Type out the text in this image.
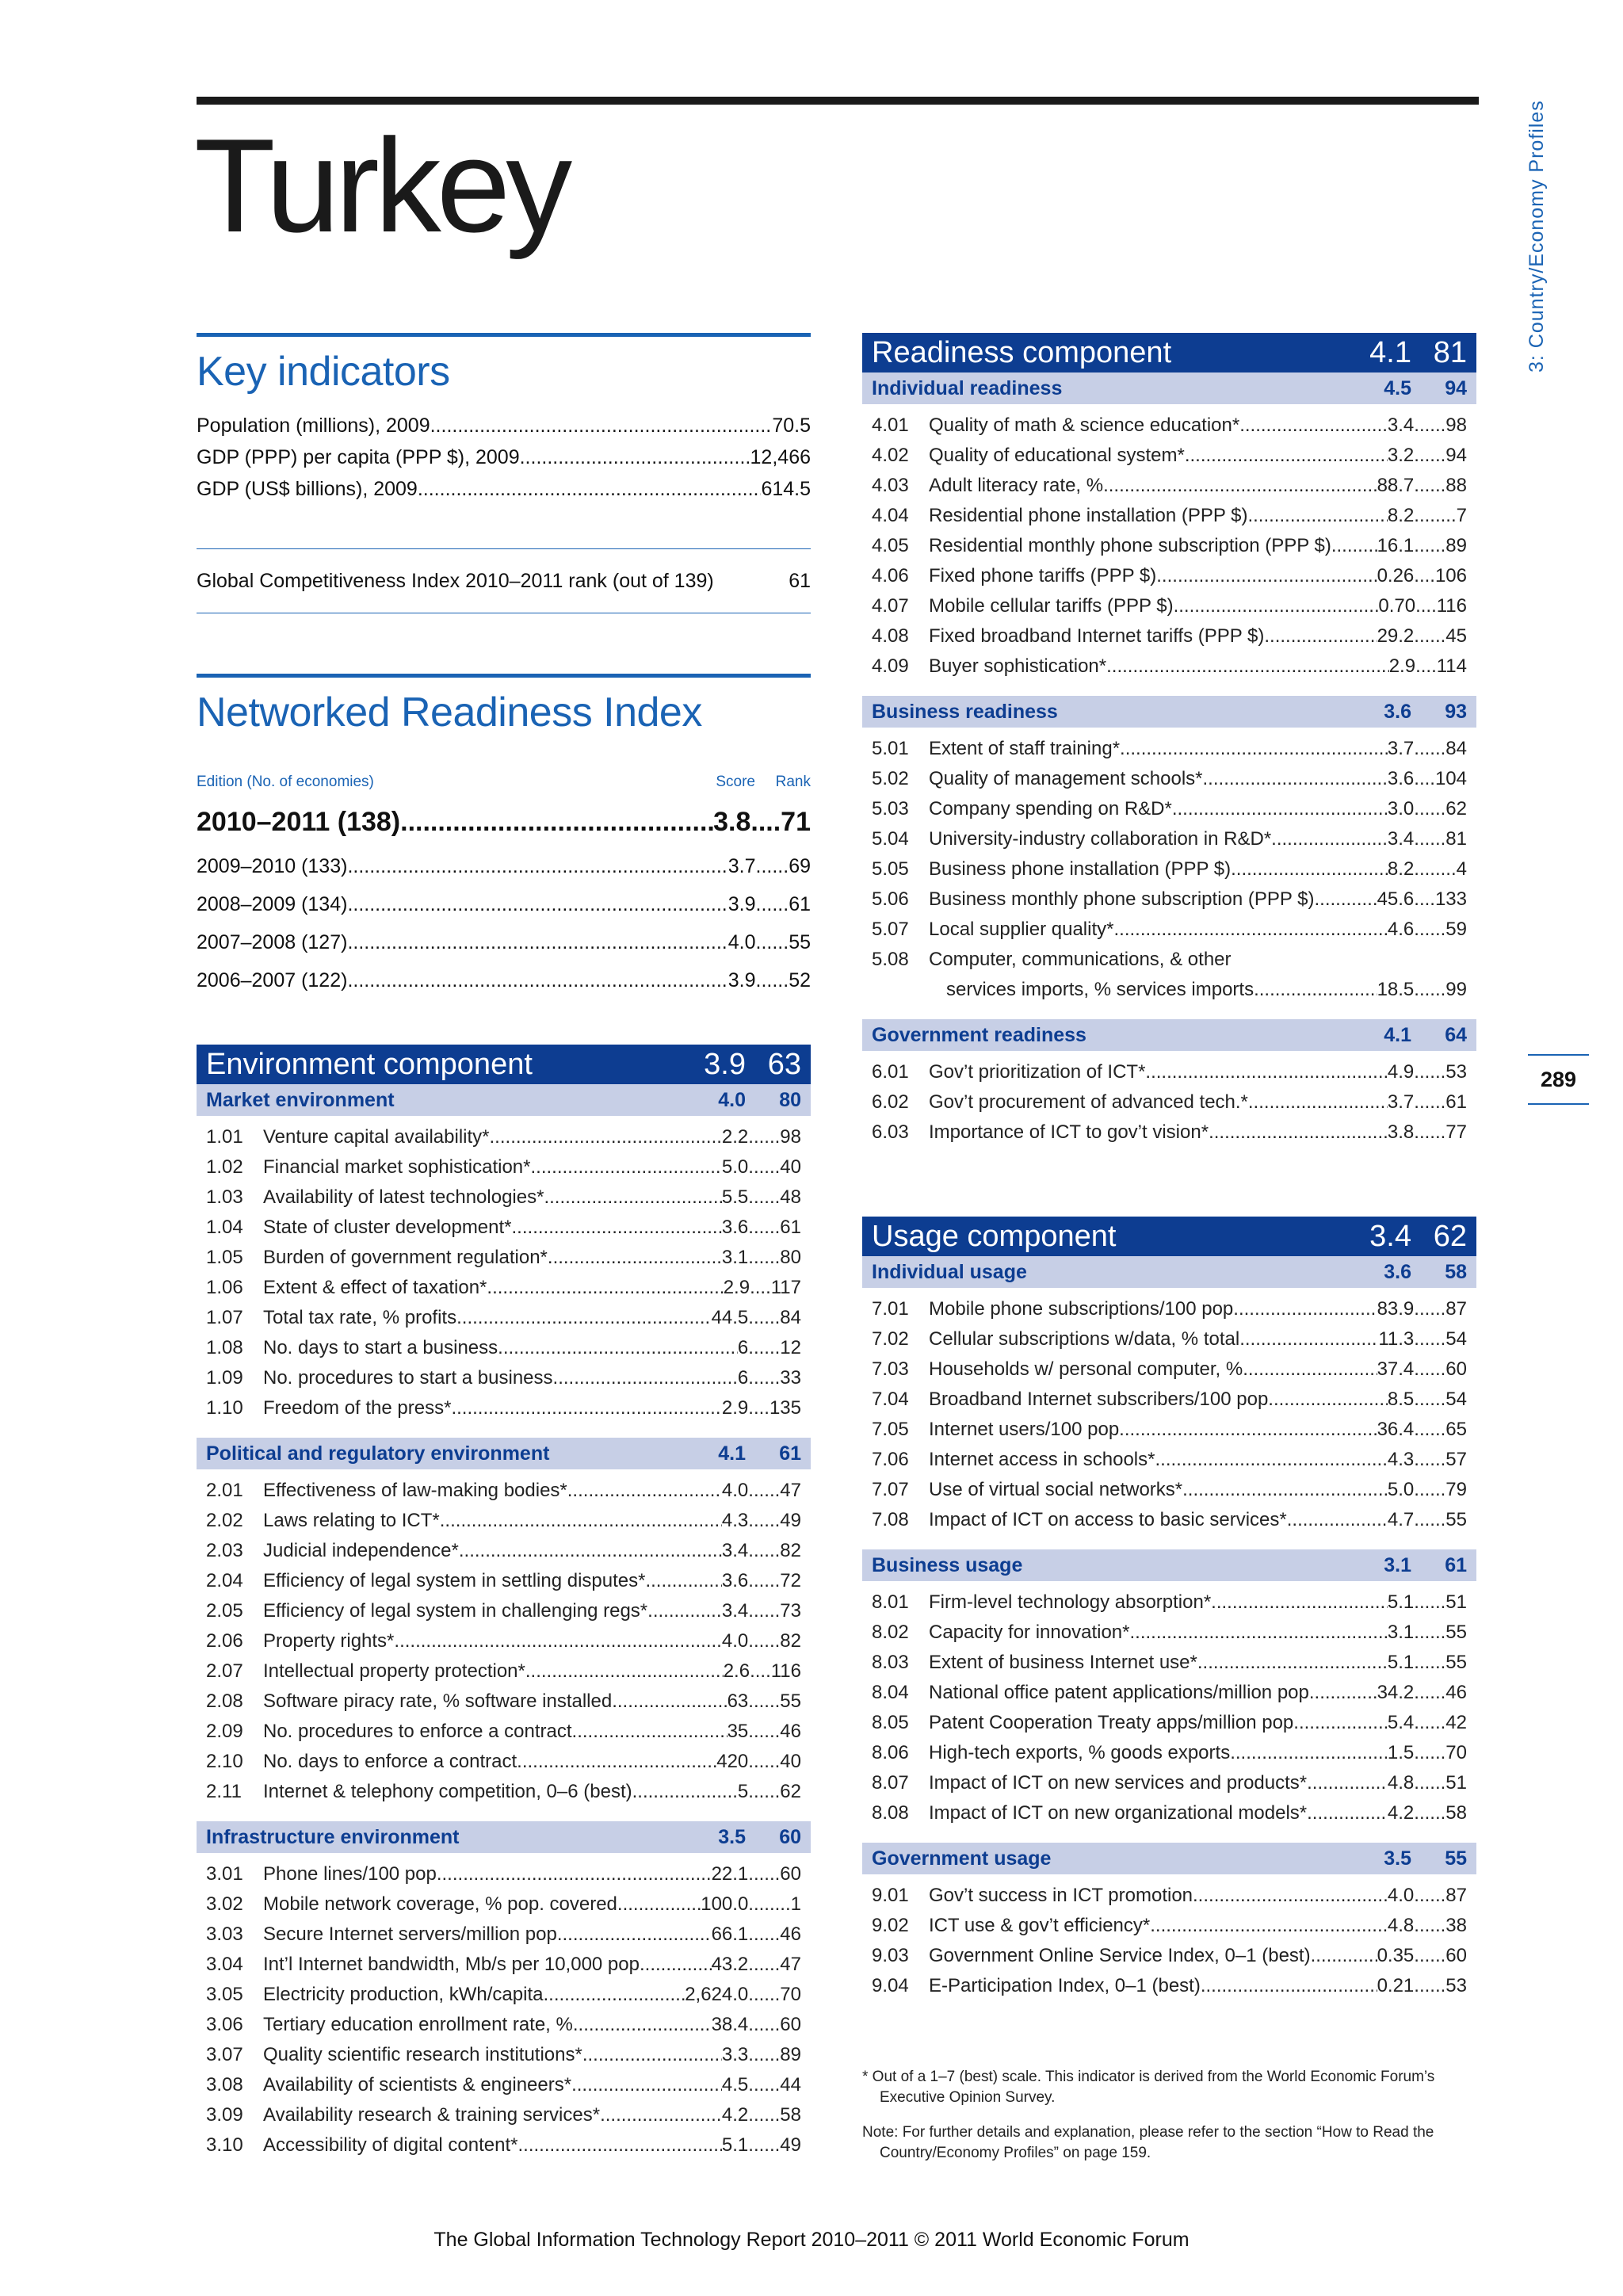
Turkey	3: Country/Economy Profiles
289
Key indicators
Population (millions), 2009 .....	70.5
GDP (PPP) per capita (PPP $), 2009 .....	12,466
GDP (US$ billions), 2009 .....	614.5
Global Competitiveness Index 2010–2011 rank (out of 139)	61
Networked Readiness Index
Edition (No. of economies)	Score	Rank
2010–2011 (138) .....	3.8 .... 71
2009–2010 (133) .....	3.7 ...... 69
2008–2009 (134) .....	3.9 ...... 61
2007–2008 (127) .....	4.0 ...... 55
2006–2007 (122) .....	3.9 ...... 52
Environment component	3.9 63
Market environment	4.0	80
1.01	Venture capital availability* .....	2.2 ...... 98
1.02	Financial market sophistication* .....	5.0 ...... 40
1.03	Availability of latest technologies* .....	5.5 ...... 48
1.04	State of cluster development* .....	3.6 ...... 61
1.05	Burden of government regulation* .....	3.1 ...... 80
1.06	Extent & effect of taxation* .....	2.9 .... 117
1.07	Total tax rate, % profits .....	44.5 ...... 84
1.08	No. days to start a business .....	6 ...... 12
1.09	No. procedures to start a business .....	6 ...... 33
1.10	Freedom of the press* .....	2.9 .... 135
Political and regulatory environment	4.1	61
2.01	Effectiveness of law-making bodies* .....	4.0 ...... 47
2.02	Laws relating to ICT* .....	4.3 ...... 49
2.03	Judicial independence* .....	3.4 ...... 82
2.04	Efficiency of legal system in settling disputes* .....	3.6 ...... 72
2.05	Efficiency of legal system in challenging regs* .....	3.4 ...... 73
2.06	Property rights* .....	4.0 ...... 82
2.07	Intellectual property protection* .....	2.6 .... 116
2.08	Software piracy rate, % software installed .....	63 ...... 55
2.09	No. procedures to enforce a contract .....	35 ...... 46
2.10	No. days to enforce a contract .....	420 ...... 40
2.11	Internet & telephony competition, 0–6 (best) .....	5 ...... 62
Infrastructure environment	3.5	60
3.01	Phone lines/100 pop. .....	22.1 ...... 60
3.02	Mobile network coverage, % pop. covered .....	100.0 ........ 1
3.03	Secure Internet servers/million pop. .....	66.1 ...... 46
3.04	Int’l Internet bandwidth, Mb/s per 10,000 pop .....	43.2 ...... 47
3.05	Electricity production, kWh/capita .....	2,624.0 ...... 70
3.06	Tertiary education enrollment rate, % .....	38.4 ...... 60
3.07	Quality scientific research institutions* .....	3.3 ...... 89
3.08	Availability of scientists & engineers* .....	4.5 ...... 44
3.09	Availability research & training services* .....	4.2 ...... 58
3.10	Accessibility of digital content* .....	5.1 ...... 49
Readiness component	4.1 81
Individual readiness	4.5	94
4.01	Quality of math & science education* .....	3.4 ...... 98
4.02	Quality of educational system* .....	3.2 ...... 94
4.03	Adult literacy rate, % .....	88.7 ...... 88
4.04	Residential phone installation (PPP $) .....	8.2 ........ 7
4.05	Residential monthly phone subscription (PPP $) ..... 16.1 ...... 89
4.06	Fixed phone tariffs (PPP $) .....	0.26 .... 106
4.07	Mobile cellular tariffs (PPP $) .....	0.70 .... 116
4.08	Fixed broadband Internet tariffs (PPP $) .....	29.2 ...... 45
4.09	Buyer sophistication* .....	2.9 .... 114
Business readiness	3.6	93
5.01	Extent of staff training* .....	3.7 ...... 84
5.02	Quality of management schools* .....	3.6 .... 104
5.03	Company spending on R&D* .....	3.0 ...... 62
5.04	University-industry collaboration in R&D* .....	3.4 ...... 81
5.05	Business phone installation (PPP $) .....	8.2 ........ 4
5.06	Business monthly phone subscription (PPP $) .....	45.6 .... 133
5.07	Local supplier quality* .....	4.6 ...... 59
5.08	Computer, communications, & other
services imports, % services imports .....	18.5 ...... 99
Government readiness	4.1	64
6.01	Gov’t prioritization of ICT* .....	4.9 ...... 53
6.02	Gov’t procurement of advanced tech.* .....	3.7 ...... 61
6.03	Importance of ICT to gov’t vision* .....	3.8 ...... 77
Usage component	3.4 62
Individual usage	3.6	58
7.01	Mobile phone subscriptions/100 pop. .....	83.9 ...... 87
7.02	Cellular subscriptions w/data, % total .....	11.3 ...... 54
7.03	Households w/ personal computer, % .....	37.4 ...... 60
7.04	Broadband Internet subscribers/100 pop. .....	8.5 ...... 54
7.05	Internet users/100 pop. .....	36.4 ...... 65
7.06	Internet access in schools* .....	4.3 ...... 57
7.07	Use of virtual social networks* .....	5.0 ...... 79
7.08	Impact of ICT on access to basic services* .....	4.7 ...... 55
Business usage	3.1	61
8.01	Firm-level technology absorption* .....	5.1 ...... 51
8.02	Capacity for innovation* .....	3.1 ...... 55
8.03	Extent of business Internet use* .....	5.1 ...... 55
8.04	National office patent applications/million pop .....	34.2 ...... 46
8.05	Patent Cooperation Treaty apps/million pop .....	5.4 ...... 42
8.06	High-tech exports, % goods exports .....	1.5 ...... 70
8.07	Impact of ICT on new services and products* .....	4.8 ...... 51
8.08	Impact of ICT on new organizational models* .....	4.2 ...... 58
Government usage	3.5	55
9.01	Gov’t success in ICT promotion .....	4.0 ...... 87
9.02	ICT use & gov’t efficiency* .....	4.8 ...... 38
9.03	Government Online Service Index, 0–1 (best) .....	0.35 ...... 60
9.04	E-Participation Index, 0–1 (best) .....	0.21 ...... 53

* Out of a 1–7 (best) scale. This indicator is derived from the World Economic Forum’s Executive Opinion Survey.

Note: For further details and explanation, please refer to the section “How to Read the Country/Economy Profiles” on page 159.

The Global Information Technology Report 2010–2011 © 2011 World Economic Forum
